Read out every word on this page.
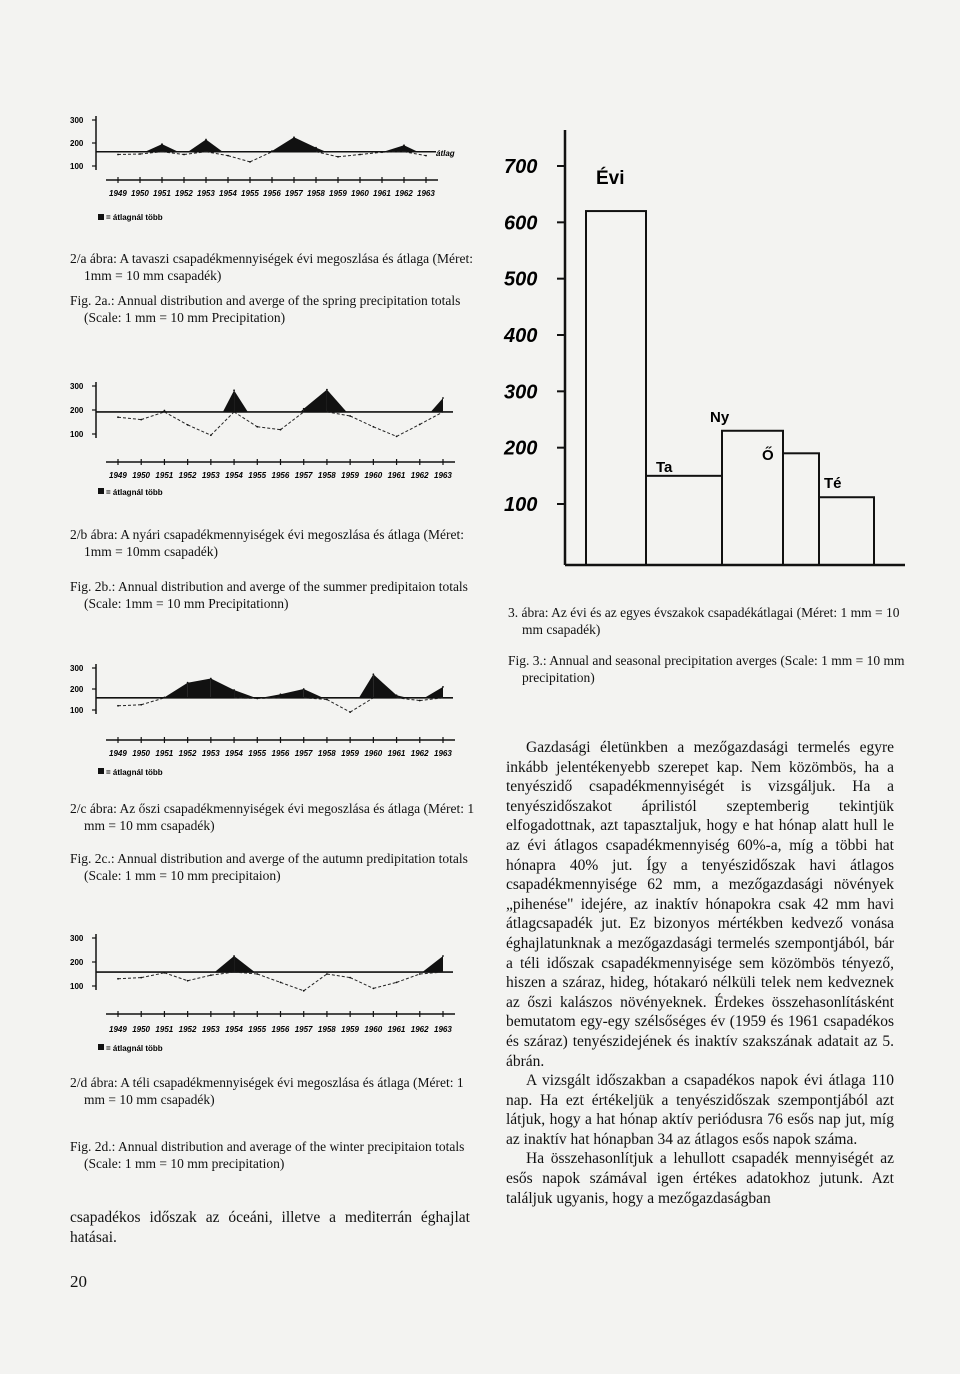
300
200
100
átlag
1949 1950 1951 1952 1953 1954 1955 1956 1957 1958 1959 1960 1961 1962 1963
= átlagnál több
2/a ábra: A tavaszi csapadékmennyiségek évi megoszlása és átlaga (Méret: 1mm = 10 mm csapadék)
Fig. 2a.: Annual distribution and averge of the spring precipitation totals (Scale: 1 mm = 10 mm Precipitation)
300
200
100
1949 1950 1951 1952 1953 1954 1955 1956 1957 1958 1959 1960 1961 1962 1963
= átlagnál több
2/b ábra: A nyári csapadékmennyiségek évi megoszlása és átlaga (Méret: 1mm = 10mm csapadék)
Fig. 2b.: Annual distribution and averge of the summer predipitaion totals (Scale: 1mm = 10 mm Precipitationn)
300
200
100
1949 1950 1951 1952 1953 1954 1955 1956 1957 1958 1959 1960 1961 1962 1963
= átlagnál több
2/c ábra: Az őszi csapadékmennyiségek évi megoszlása és átlaga (Méret: 1 mm = 10 mm csapadék)
Fig. 2c.: Annual distribution and averge of the autumn predipitation totals (Scale: 1 mm = 10 mm precipitaion)
300
200
100
1949 1950 1951 1952 1953 1954 1955 1956 1957 1958 1959 1960 1961 1962 1963
= átlagnál több
2/d ábra: A téli csapadékmennyiségek évi megoszlása és átlaga (Méret: 1 mm = 10 mm csapadék)
Fig. 2d.: Annual distribution and average of the winter precipitaion totals (Scale: 1 mm = 10 mm precipitation)
csapadékos időszak az óceáni, illetve a mediterrán éghajlat hatásai.
700
600
500
400
300
200
100
Évi
Ta
Ny
Ő
Té
3. ábra: Az évi és az egyes évszakok csapadékátlagai (Méret: 1 mm = 10 mm csapadék)
Fig. 3.: Annual and seasonal precipitation averges (Scale: 1 mm = 10 mm precipitation)

Gazdasági életünkben a mezőgazdasági termelés egyre inkább jelentékenyebb szerepet kap. Nem közömbös, ha a tenyészidő csapadékmennyiségét is vizsgáljuk. Ha a tenyészidőszakot áprilistól szeptemberig tekintjük elfogadottnak, azt tapasztaljuk, hogy e hat hónap alatt hull le az évi átlagos csapadékmennyiség 60%-a, míg a többi hat hónapra 40% jut. Így a tenyészidőszak havi átlagos csapadékmennyisége 62 mm, a mezőgazdasági növények „pihenése" idejére, az inaktív hónapokra csak 42 mm havi átlagcsapadék jut. Ez bizonyos mértékben kedvező vonása éghajlatunknak a mezőgazdasági termelés szempontjából, bár a téli időszak csapadékmennyisége sem közömbös tényező, hiszen a száraz, hideg, hótakaró nélküli telek nem kedveznek az őszi kalászos növényeknek. Érdekes összehasonlításként bemutatom egy-egy szélsőséges év (1959 és 1961 csapadékos és száraz) tenyészidejének és inaktív szakszának adatait az 5. ábrán.

A vizsgált időszakban a csapadékos napok évi átlaga 110 nap. Ha ezt értékeljük a tenyészidőszak szempontjából azt látjuk, hogy a hat hónap aktív periódusra 76 esős nap jut, míg az inaktív hat hónapban 34 az átlagos esős napok száma.

Ha összehasonlítjuk a lehullott csapadék mennyiségét az esős napok számával igen értékes adatokhoz jutunk. Azt találjuk ugyanis, hogy a mezőgazdaságban

20
